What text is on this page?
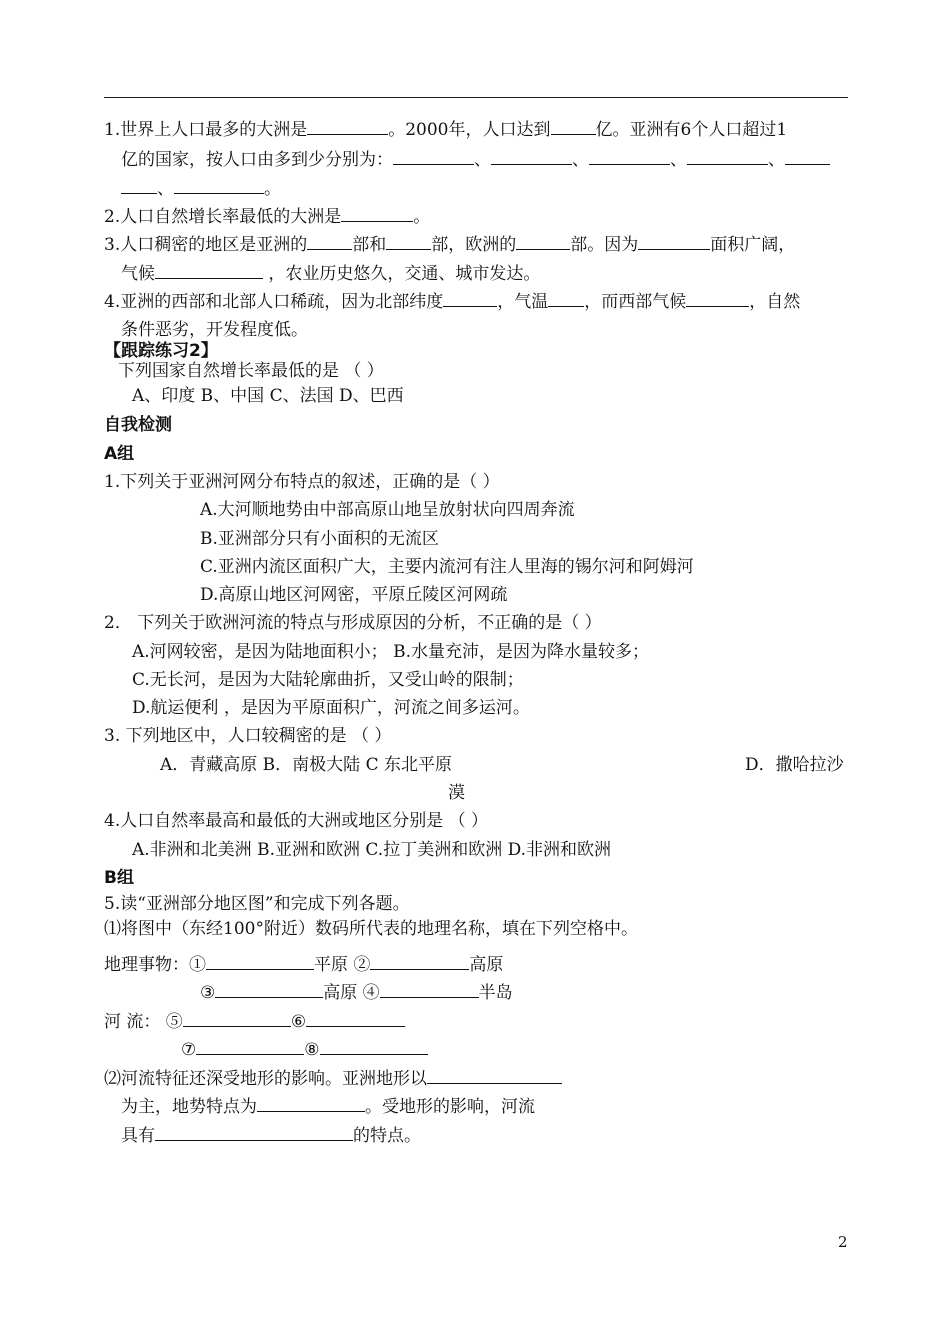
1.世界上人口最多的大洲是	。2000年，人口达到	亿。亚洲有6个人口超过1
亿的国家，按人口由多到少分别为：	、	、	、	、
、	。
2.人口自然增长率最低的大洲是	。
3.人口稠密的地区是亚洲的	部和	部，欧洲的	部。因为	面积广阔，
气候	，农业历史悠久，交通、城市发达。
4.亚洲的西部和北部人口稀疏，因为北部纬度	，气温 ，而西部气候	，自然
条件恶劣，开发程度低。
【跟踪练习2】
下列国家自然增长率最低的是 （ ）
A、印度 B、中国 C、法国 D、巴西
自我检测
A组
1.下列关于亚洲河网分布特点的叙述，正确的是（ ）
A.大河顺地势由中部高原山地呈放射状向四周奔流
B.亚洲部分只有小面积的无流区
C.亚洲内流区面积广大，主要内流河有注人里海的锡尔河和阿姆河
D.高原山地区河网密，平原丘陵区河网疏
2． 下列关于欧洲河流的特点与形成原因的分析，不正确的是（ ）
A.河网较密，是因为陆地面积小； B.水量充沛，是因为降水量较多；
C.无长河，是因为大陆轮廓曲折，又受山岭的限制；
D.航运便利 ，是因为平原面积广，河流之间多运河。
3. 下列地区中，人口较稠密的是 （ ）
A．青藏高原 B．南极大陆 C 东北平原	D．撒哈拉沙
漠
4.人口自然率最高和最低的大洲或地区分别是 （ ）
A.非洲和北美洲 B.亚洲和欧洲 C.拉丁美洲和欧洲 D.非洲和欧洲
B组
5.读“亚洲部分地区图”和完成下列各题。
⑴将图中（东经100°附近）数码所代表的地理名称，填在下列空格中。
地理事物：①	平原 ②	高原
③	高原 ④	半岛
河 流： ⑤	⑥
⑦	⑧
⑵河流特征还深受地形的影响。亚洲地形以
为主，地势特点为	。受地形的影响，河流
具有	的特点。
2
